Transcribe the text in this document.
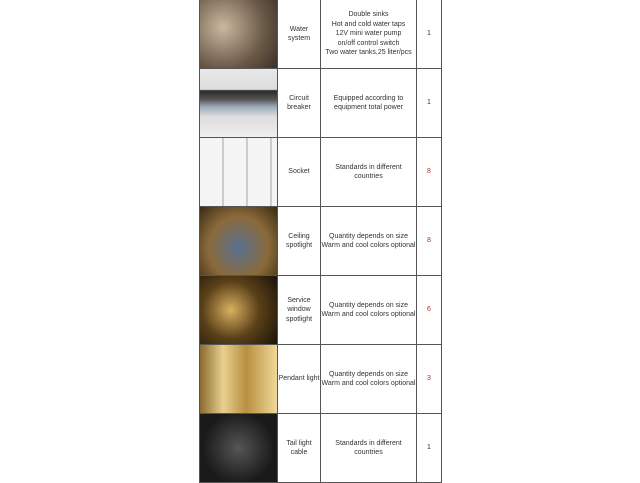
	Water system	Double sinks
Hot and cold water taps
12V mini water pump
on/off control switch
Two water tanks,25 liter/pcs	1

	Circuit breaker	Equipped according to
equipment total power	1

	Socket	Standards in different countries	8

	Ceiling spotlight	Quantity depends on size
Warm and cool colors optional	8

	Service window spotlight	Quantity depends on size
Warm and cool colors optional	6

	Pendant light	Quantity depends on size
Warm and cool colors optional	3

	Tail light cable	Standards in different countries	1
